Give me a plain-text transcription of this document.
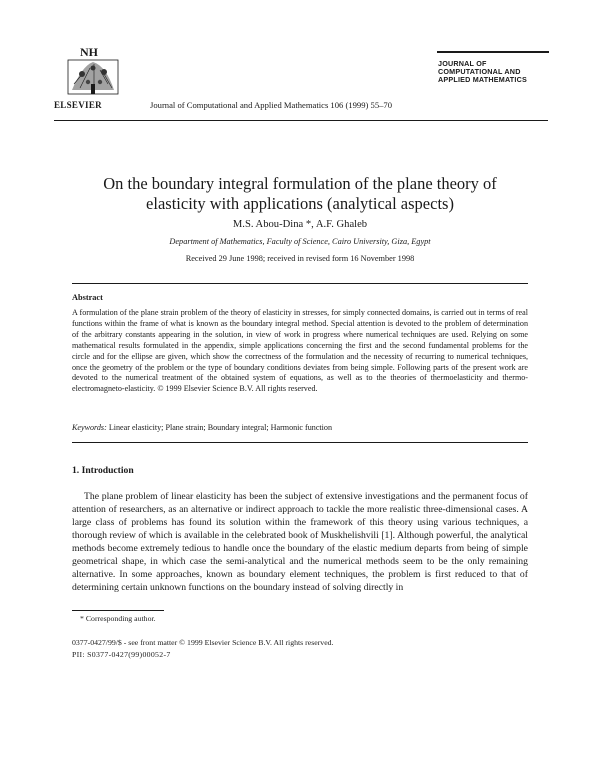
NH
ELSEVIER	Journal of Computational and Applied Mathematics 106 (1999) 55–70
JOURNAL OF
COMPUTATIONAL AND
APPLIED MATHEMATICS
On the boundary integral formulation of the plane theory of
elasticity with applications (analytical aspects)
M.S. Abou-Dina *, A.F. Ghaleb
Department of Mathematics, Faculty of Science, Cairo University, Giza, Egypt
Received 29 June 1998; received in revised form 16 November 1998
Abstract
A formulation of the plane strain problem of the theory of elasticity in stresses, for simply connected domains, is carried out in terms of real functions within the frame of what is known as the boundary integral method. Special attention is devoted to the problem of determination of the arbitrary constants appearing in the solution, in view of work in progress where numerical techniques are used. Relying on some mathematical results formulated in the appendix, simple applications concerning the first and the second fundamental problems for the circle and for the ellipse are given, which show the correctness of the formulation and the necessity of recurring to numerical techniques, once the geometry of the problem or the type of boundary conditions deviates from being simple. Following parts of the present work are devoted to the numerical treatment of the obtained system of equations, as well as to the theories of thermoelasticity and thermo-electromagneto-elasticity. © 1999 Elsevier Science B.V. All rights reserved.
Keywords: Linear elasticity; Plane strain; Boundary integral; Harmonic function
1. Introduction
The plane problem of linear elasticity has been the subject of extensive investigations and the permanent focus of attention of researchers, as an alternative or indirect approach to tackle the more realistic three-dimensional cases. A large class of problems has found its solution within the framework of this theory using various techniques, a thorough review of which is available in the celebrated book of Muskhelishvili [1]. Although powerful, the analytical methods become extremely tedious to handle once the boundary of the elastic medium departs from being of simple geometrical shape, in which case the semi-analytical and the numerical methods seem to be the only remaining alternative. In some approaches, known as boundary element techniques, the problem is first reduced to that of determining certain unknown functions on the boundary instead of solving directly in
* Corresponding author.
0377-0427/99/$ - see front matter © 1999 Elsevier Science B.V. All rights reserved.
PII: S0377-0427(99)00052-7
